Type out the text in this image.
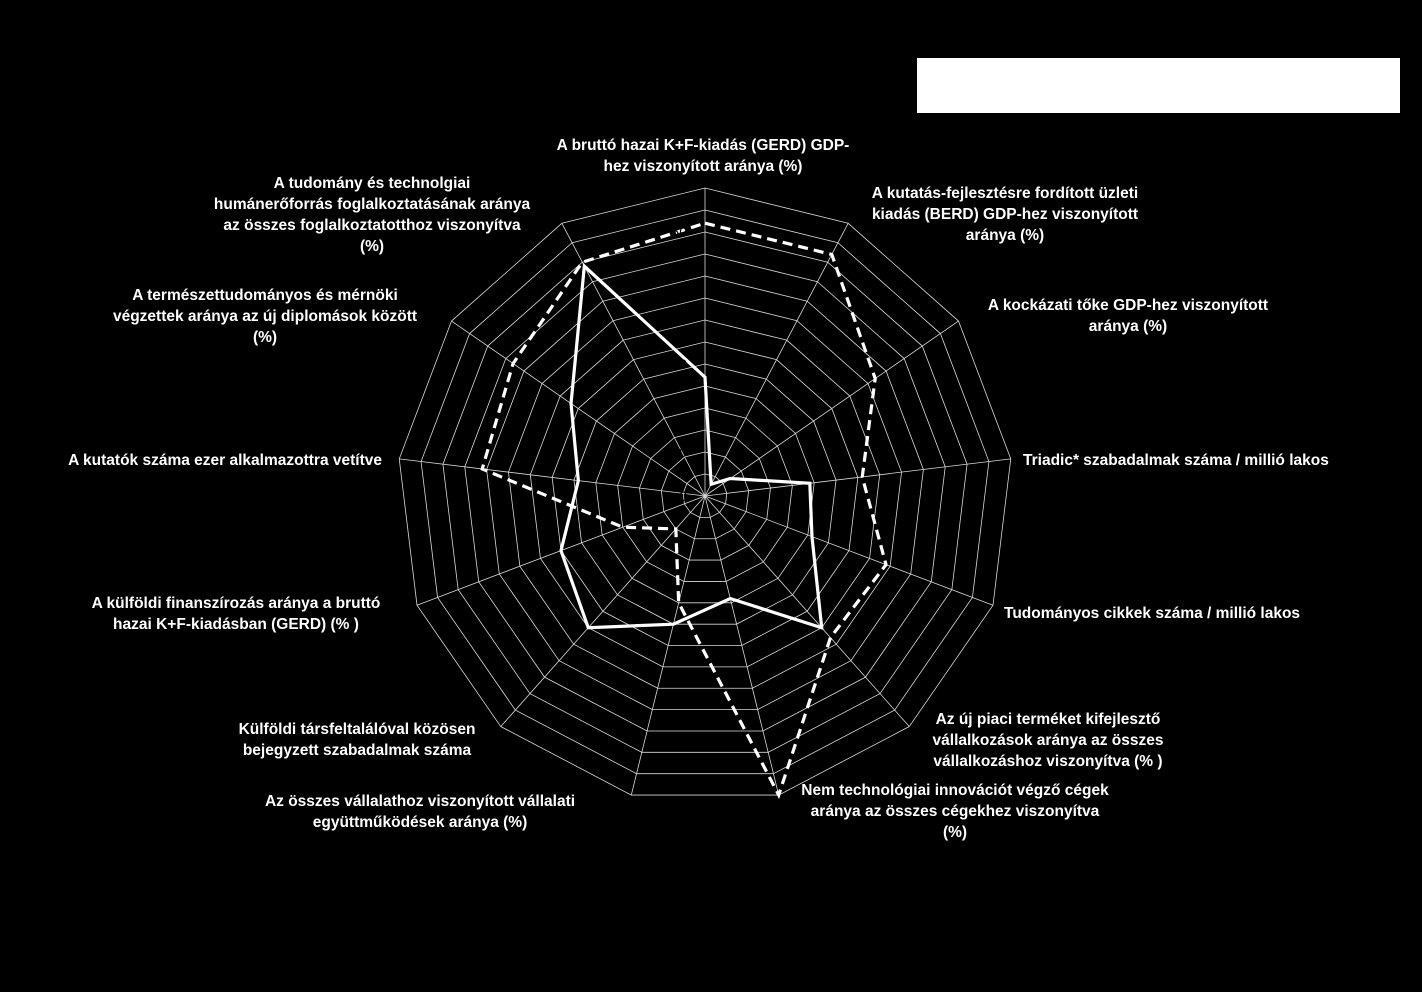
0
10
20
30
40
50
60
70
A bruttó hazai K+F-kiadás (GERD) GDP-hez viszonyított aránya (%)
A kutatás-fejlesztésre fordított üzleti kiadás (BERD) GDP-hez viszonyított aránya (%)
A kockázati tőke GDP-hez viszonyított aránya (%)
Triadic* szabadalmak száma / millió lakos
Tudományos cikkek száma / millió lakos
Az új piaci terméket kifejlesztő vállalkozások aránya az összes vállalkozáshoz viszonyítva (% )
Nem technológiai innovációt végző cégek aránya az összes cégekhez viszonyítva (%)
Az összes vállalathoz viszonyított vállalati együttműködések aránya (%)
Külföldi társfeltalálóval közösen bejegyzett szabadalmak száma
A külföldi finanszírozás aránya a bruttó hazai K+F-kiadásban (GERD) (% )
A kutatók száma ezer alkalmazottra vetítve
A természettudományos és mérnöki végzettek aránya az új diplomások között (%)
A tudomány és technolgiai humánerőforrás foglalkoztatásának aránya az összes foglalkoztatotthoz viszonyítva (%)
